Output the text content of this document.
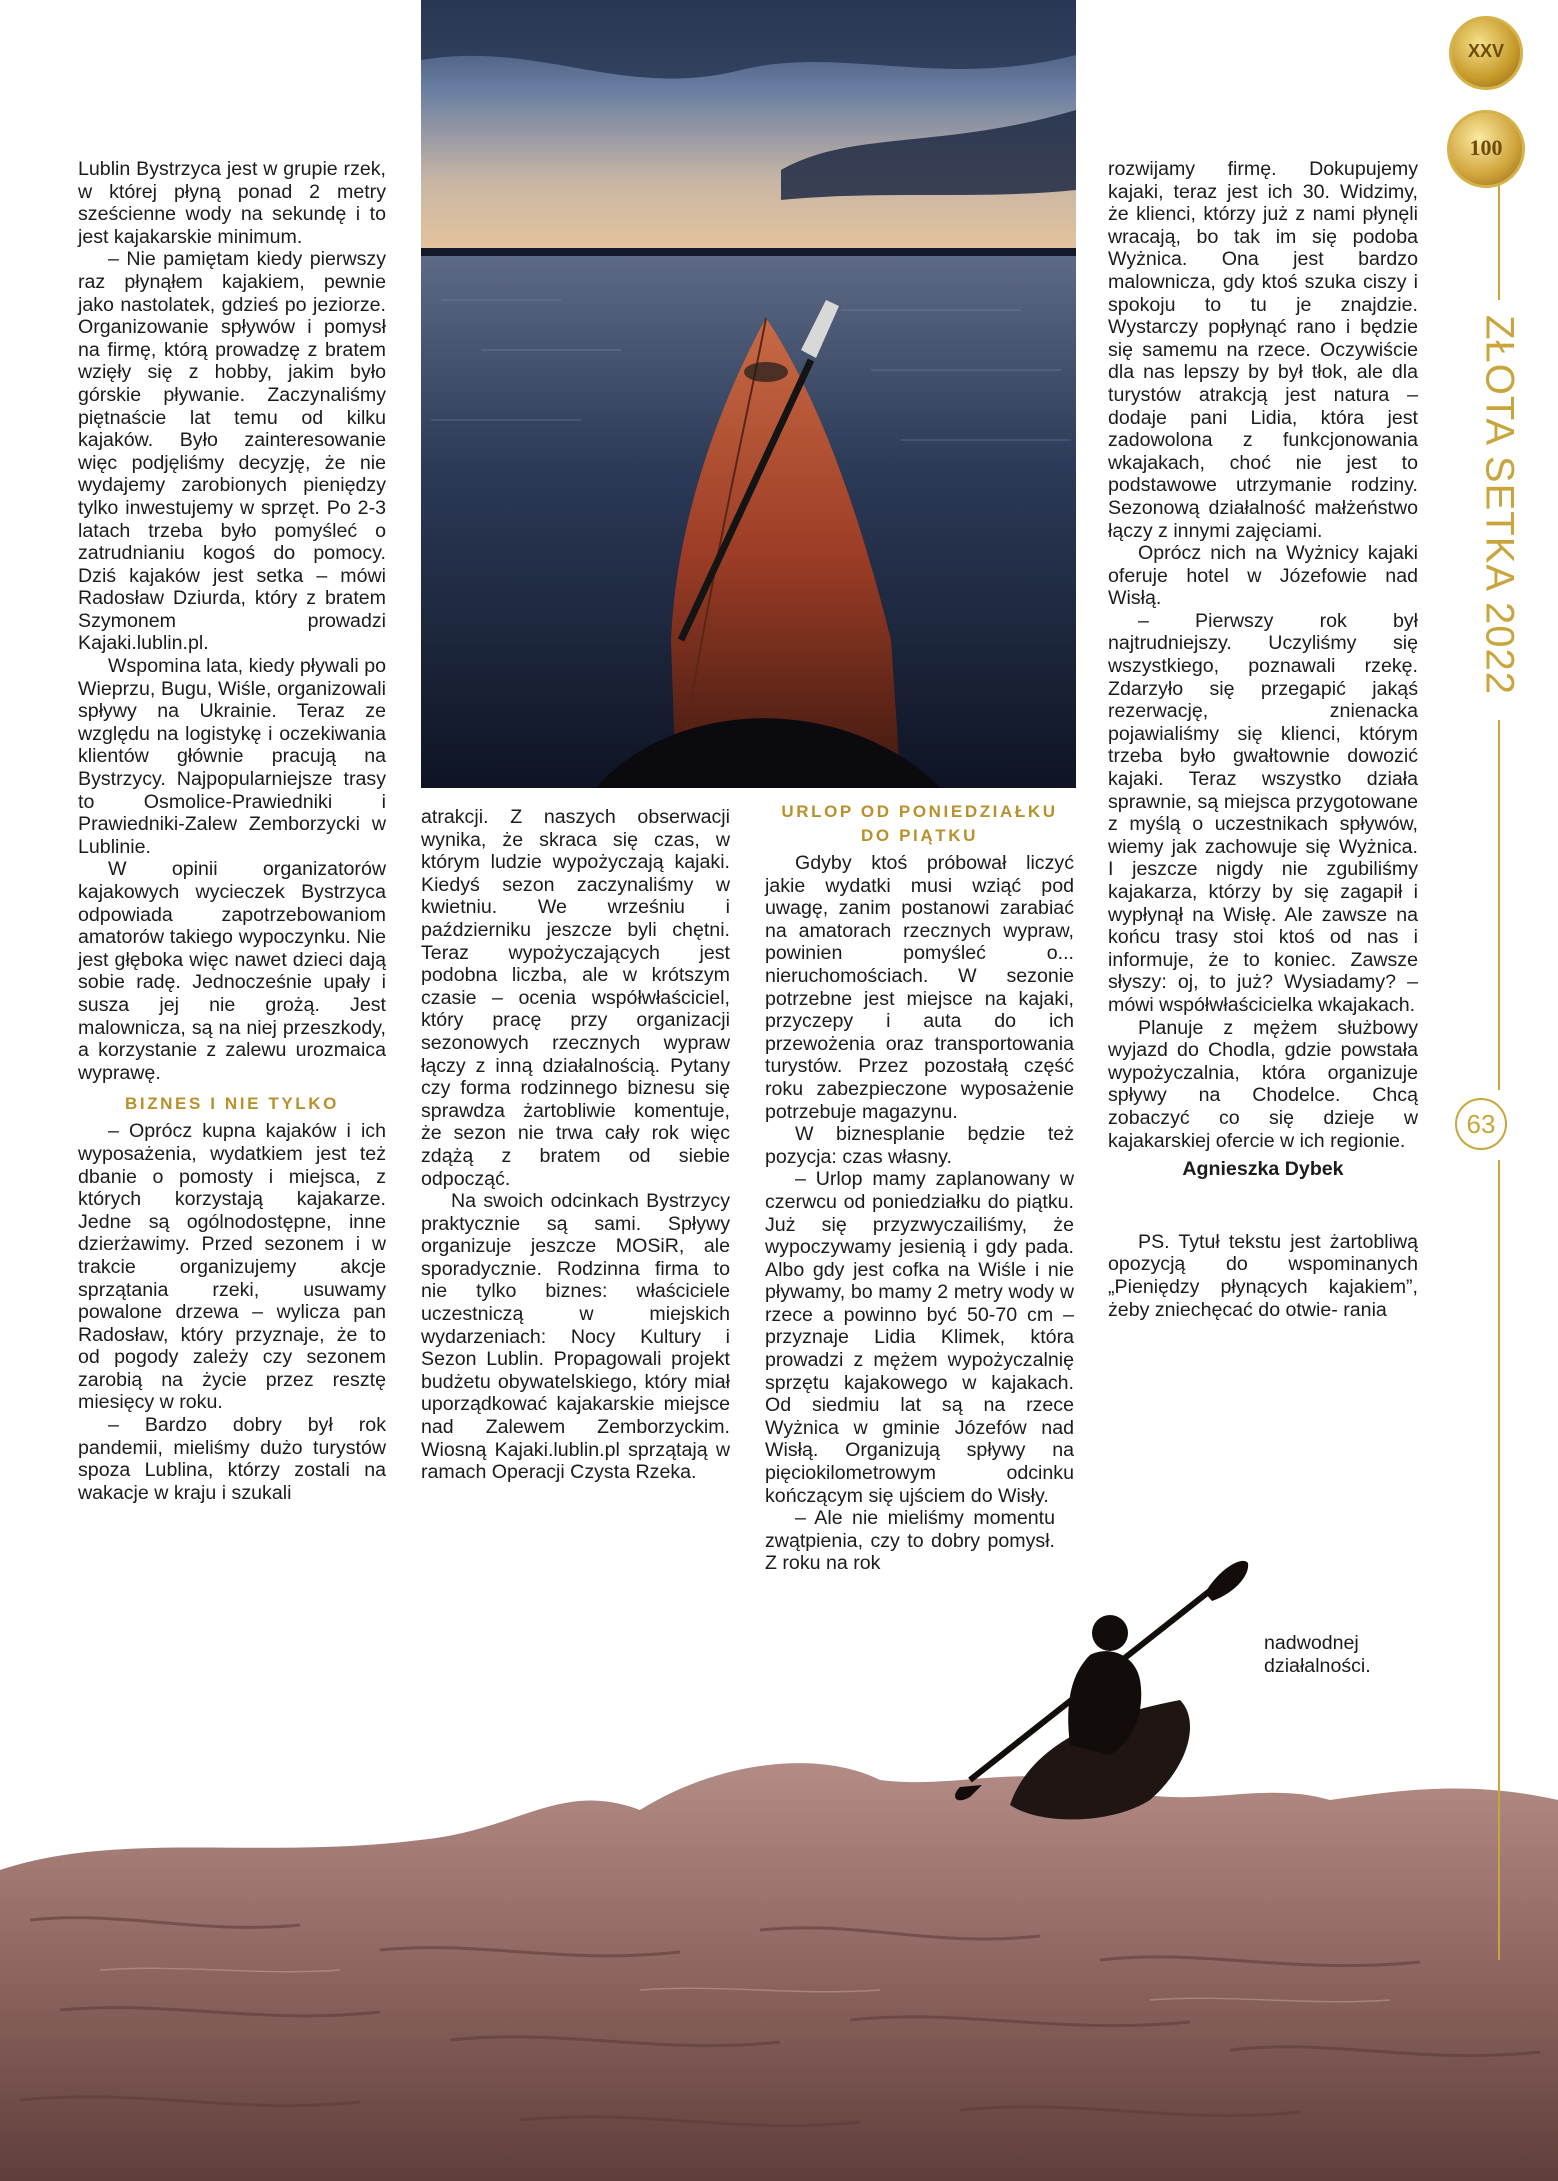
Lublin Bystrzyca jest w grupie rzek, w której płyną ponad 2 metry sześcienne wody na sekundę i to jest kajakarskie minimum.

– Nie pamiętam kiedy pierwszy raz płynąłem kajakiem, pewnie jako nastolatek, gdzieś po jeziorze. Organizowanie spływów i pomysł na firmę, którą prowadzę z bratem wzięły się z hobby, jakim było górskie pływanie. Zaczynaliśmy piętnaście lat temu od kilku kajaków. Było zainteresowanie więc podjęliśmy decyzję, że nie wydajemy zarobionych pieniędzy tylko inwestujemy w sprzęt. Po 2-3 latach trzeba było pomyśleć o zatrudnianiu kogoś do pomocy. Dziś kajaków jest setka – mówi Radosław Dziurda, który z bratem Szymonem prowadzi Kajaki.lublin.pl.

Wspomina lata, kiedy pływali po Wieprzu, Bugu, Wiśle, organizowali spływy na Ukrainie. Teraz ze względu na logistykę i oczekiwania klientów głównie pracują na Bystrzycy. Najpopularniejsze trasy to Osmolice-Prawiedniki i Prawiedniki-Zalew Zemborzycki w Lublinie.

W opinii organizatorów kajakowych wycieczek Bystrzyca odpowiada zapotrzebowaniom amatorów takiego wypoczynku. Nie jest głęboka więc nawet dzieci dają sobie radę. Jednocześnie upały i susza jej nie grożą. Jest malownicza, są na niej przeszkody, a korzystanie z zalewu urozmaica wyprawę.

BIZNES I NIE TYLKO

– Oprócz kupna kajaków i ich wyposażenia, wydatkiem jest też dbanie o pomosty i miejsca, z których korzystają kajakarze. Jedne są ogólnodostępne, inne dzierżawimy. Przed sezonem i w trakcie organizujemy akcje sprzątania rzeki, usuwamy powalone drzewa – wylicza pan Radosław, który przyznaje, że to od pogody zależy czy sezonem zarobią na życie przez resztę miesięcy w roku.

– Bardzo dobry był rok pandemii, mieliśmy dużo turystów spoza Lublina, którzy zostali na wakacje w kraju i szukali

atrakcji. Z naszych obserwacji wynika, że skraca się czas, w którym ludzie wypożyczają kajaki. Kiedyś sezon zaczynaliśmy w kwietniu. We wrześniu i październiku jeszcze byli chętni. Teraz wypożyczających jest podobna liczba, ale w krótszym czasie – ocenia współwłaściciel, który pracę przy organizacji sezonowych rzecznych wypraw łączy z inną działalnością. Pytany czy forma rodzinnego biznesu się sprawdza żartobliwie komentuje, że sezon nie trwa cały rok więc zdążą z bratem od siebie odpocząć.

Na swoich odcinkach Bystrzycy praktycznie są sami. Spływy organizuje jeszcze MOSiR, ale sporadycznie. Rodzinna firma to nie tylko biznes: właściciele uczestniczą w miejskich wydarzeniach: Nocy Kultury i Sezon Lublin. Propagowali projekt budżetu obywatelskiego, który miał uporządkować kajakarskie miejsce nad Zalewem Zemborzyckim. Wiosną Kajaki.lublin.pl sprzątają w ramach Operacji Czysta Rzeka.

URLOP OD PONIEDZIAŁKU DO PIĄTKU

Gdyby ktoś próbował liczyć jakie wydatki musi wziąć pod uwagę, zanim postanowi zarabiać na amatorach rzecznych wypraw, powinien pomyśleć o... nieruchomościach. W sezonie potrzebne jest miejsce na kajaki, przyczepy i auta do ich przewożenia oraz transportowania turystów. Przez pozostałą część roku zabezpieczone wyposażenie potrzebuje magazynu.

W biznesplanie będzie też pozycja: czas własny.

– Urlop mamy zaplanowany w czerwcu od poniedziałku do piątku. Już się przyzwyczailiśmy, że wypoczywamy jesienią i gdy pada. Albo gdy jest cofka na Wiśle i nie pływamy, bo mamy 2 metry wody w rzece a powinno być 50-70 cm – przyznaje Lidia Klimek, która prowadzi z mężem wypożyczalnię sprzętu kajakowego w kajakach. Od siedmiu lat są na rzece Wyżnica w gminie Józefów nad Wisłą. Organizują spływy na pięciokilometrowym odcinku kończącym się ujściem do Wisły.

– Ale nie mieliśmy momentu zwątpienia, czy to dobry pomysł. Z roku na rok

rozwijamy firmę. Dokupujemy kajaki, teraz jest ich 30. Widzimy, że klienci, którzy już z nami płynęli wracają, bo tak im się podoba Wyżnica. Ona jest bardzo malownicza, gdy ktoś szuka ciszy i spokoju to tu je znajdzie. Wystarczy popłynąć rano i będzie się samemu na rzece. Oczywiście dla nas lepszy by był tłok, ale dla turystów atrakcją jest natura – dodaje pani Lidia, która jest zadowolona z funkcjonowania wkajakach, choć nie jest to podstawowe utrzymanie rodziny. Sezonową działalność małżeństwo łączy z innymi zajęciami.

Oprócz nich na Wyżnicy kajaki oferuje hotel w Józefowie nad Wisłą.

– Pierwszy rok był najtrudniejszy. Uczyliśmy się wszystkiego, poznawali rzekę. Zdarzyło się przegapić jakąś rezerwację, znienacka pojawialiśmy się klienci, którym trzeba było gwałtownie dowozić kajaki. Teraz wszystko działa sprawnie, są miejsca przygotowane z myślą o uczestnikach spływów, wiemy jak zachowuje się Wyżnica. I jeszcze nigdy nie zgubiliśmy kajakarza, którzy by się zagapił i wypłynął na Wisłę. Ale zawsze na końcu trasy stoi ktoś od nas i informuje, że to koniec. Zawsze słyszy: oj, to już? Wysiadamy? – mówi współwłaścicielka wkajakach.

Planuje z mężem służbowy wyjazd do Chodla, gdzie powstała wypożyczalnia, która organizuje spływy na Chodelce. Chcą zobaczyć co się dzieje w kajakarskiej ofercie w ich regionie.

Agnieszka Dybek

PS. Tytuł tekstu jest żartobliwą opozycją do wspominanych „Pieniędzy płynących kajakiem”, żeby zniechęcać do otwie- rania

nadwodnej działalności.
XXV
100
ZŁOTA SETKA 2022
63
